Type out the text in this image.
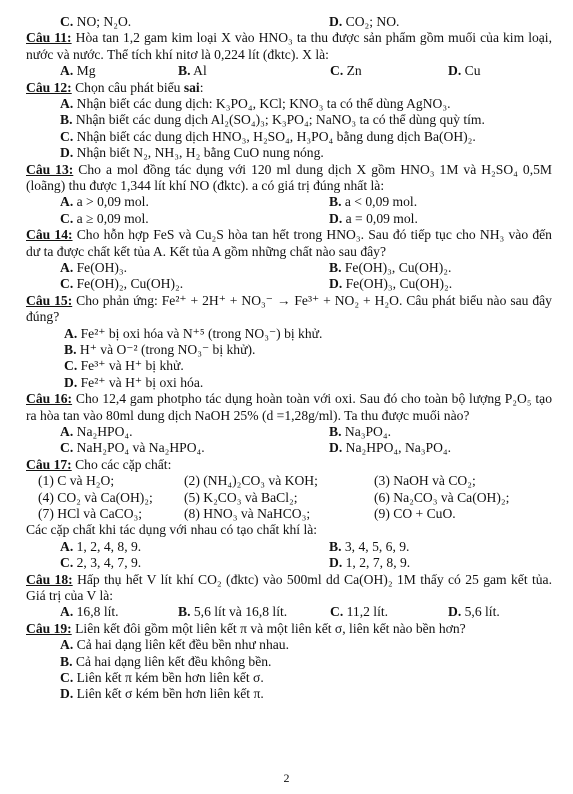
C. NO; N₂O.	D. CO₂; NO.
Câu 11: Hòa tan 1,2 gam kim loại X vào HNO₃ ta thu được sản phẩm gồm muối của kim loại, nước và nước. Thể tích khí nitơ là 0,224 lít (đktc). X là:
A. Mg	B. Al	C. Zn	D. Cu
Câu 12: Chọn câu phát biểu sai:
A. Nhận biết các dung dịch: K₃PO₄, KCl; KNO₃ ta có thể dùng AgNO₃.
B. Nhận biết các dung dịch Al₂(SO₄)₃; K₃PO₄; NaNO₃ ta có thể dùng quỳ tím.
C. Nhận biết các dung dịch HNO₃, H₂SO₄, H₃PO₄ bằng dung dịch Ba(OH)₂.
D. Nhận biết N₂, NH₃, H₂ bằng CuO nung nóng.
Câu 13: Cho a mol đồng tác dụng với 120 ml dung dịch X gồm HNO₃ 1M và H₂SO₄ 0,5M (loãng) thu được 1,344 lít khí NO (đktc). a có giá trị đúng nhất là:
A. a > 0,09 mol.	B. a < 0,09 mol.
C. a ≥ 0,09 mol.	D. a = 0,09 mol.
Câu 14: Cho hỗn hợp FeS và Cu₂S hòa tan hết trong HNO₃. Sau đó tiếp tục cho NH₃ vào đến dư ta được chất kết tủa A. Kết tủa A gồm những chất nào sau đây?
A. Fe(OH)₃.	B. Fe(OH)₃, Cu(OH)₂.
C. Fe(OH)₂, Cu(OH)₂.	D. Fe(OH)₃, Cu(OH)₂.
Câu 15: Cho phản ứng: Fe²⁺ + 2H⁺ + NO₃⁻ → Fe³⁺ + NO₂ + H₂O. Câu phát biểu nào sau đây đúng?
A. Fe²⁺ bị oxi hóa và N⁺⁵ (trong NO₃⁻) bị khử.
B. H⁺ và O⁻² (trong NO₃⁻ bị khử).
C. Fe³⁺ và H⁺ bị khử.
D. Fe²⁺ và H⁺ bị oxi hóa.
Câu 16: Cho 12,4 gam photpho tác dụng hoàn toàn với oxi. Sau đó cho toàn bộ lượng P₂O₅ tạo ra hòa tan vào 80ml dung dịch NaOH 25% (d =1,28g/ml). Ta thu được muối nào?
A. Na₂HPO₄.	B. Na₃PO₄.
C. NaH₂PO₄ và Na₂HPO₄.	D. Na₂HPO₄, Na₃PO₄.
Câu 17: Cho các cặp chất:
(1) C và H₂O;	(2) (NH₄)₂CO₃ và KOH;	(3) NaOH và CO₂;
(4) CO₂ và Ca(OH)₂;	(5) K₂CO₃ và BaCl₂;	(6) Na₂CO₃ và Ca(OH)₂;
(7) HCl và CaCO₃;	(8) HNO₃ và NaHCO₃;	(9) CO + CuO.
Các cặp chất khi tác dụng với nhau có tạo chất khí là:
A. 1, 2, 4, 8, 9.	B. 3, 4, 5, 6, 9.
C. 2, 3, 4, 7, 9.	D. 1, 2, 7, 8, 9.
Câu 18: Hấp thụ hết V lít khí CO₂ (đktc) vào 500ml dd Ca(OH)₂ 1M thấy có 25 gam kết tủa. Giá trị của V là:
A. 16,8 lít.	B. 5,6 lít và 16,8 lít.	C. 11,2 lít.	D. 5,6 lít.
Câu 19: Liên kết đôi gồm một liên kết π và một liên kết σ, liên kết nào bền hơn?
A. Cả hai dạng liên kết đều bền như nhau.
B. Cả hai dạng liên kết đều không bền.
C. Liên kết π kém bền hơn liên kết σ.
D. Liên kết σ kém bền hơn liên kết π.
2
